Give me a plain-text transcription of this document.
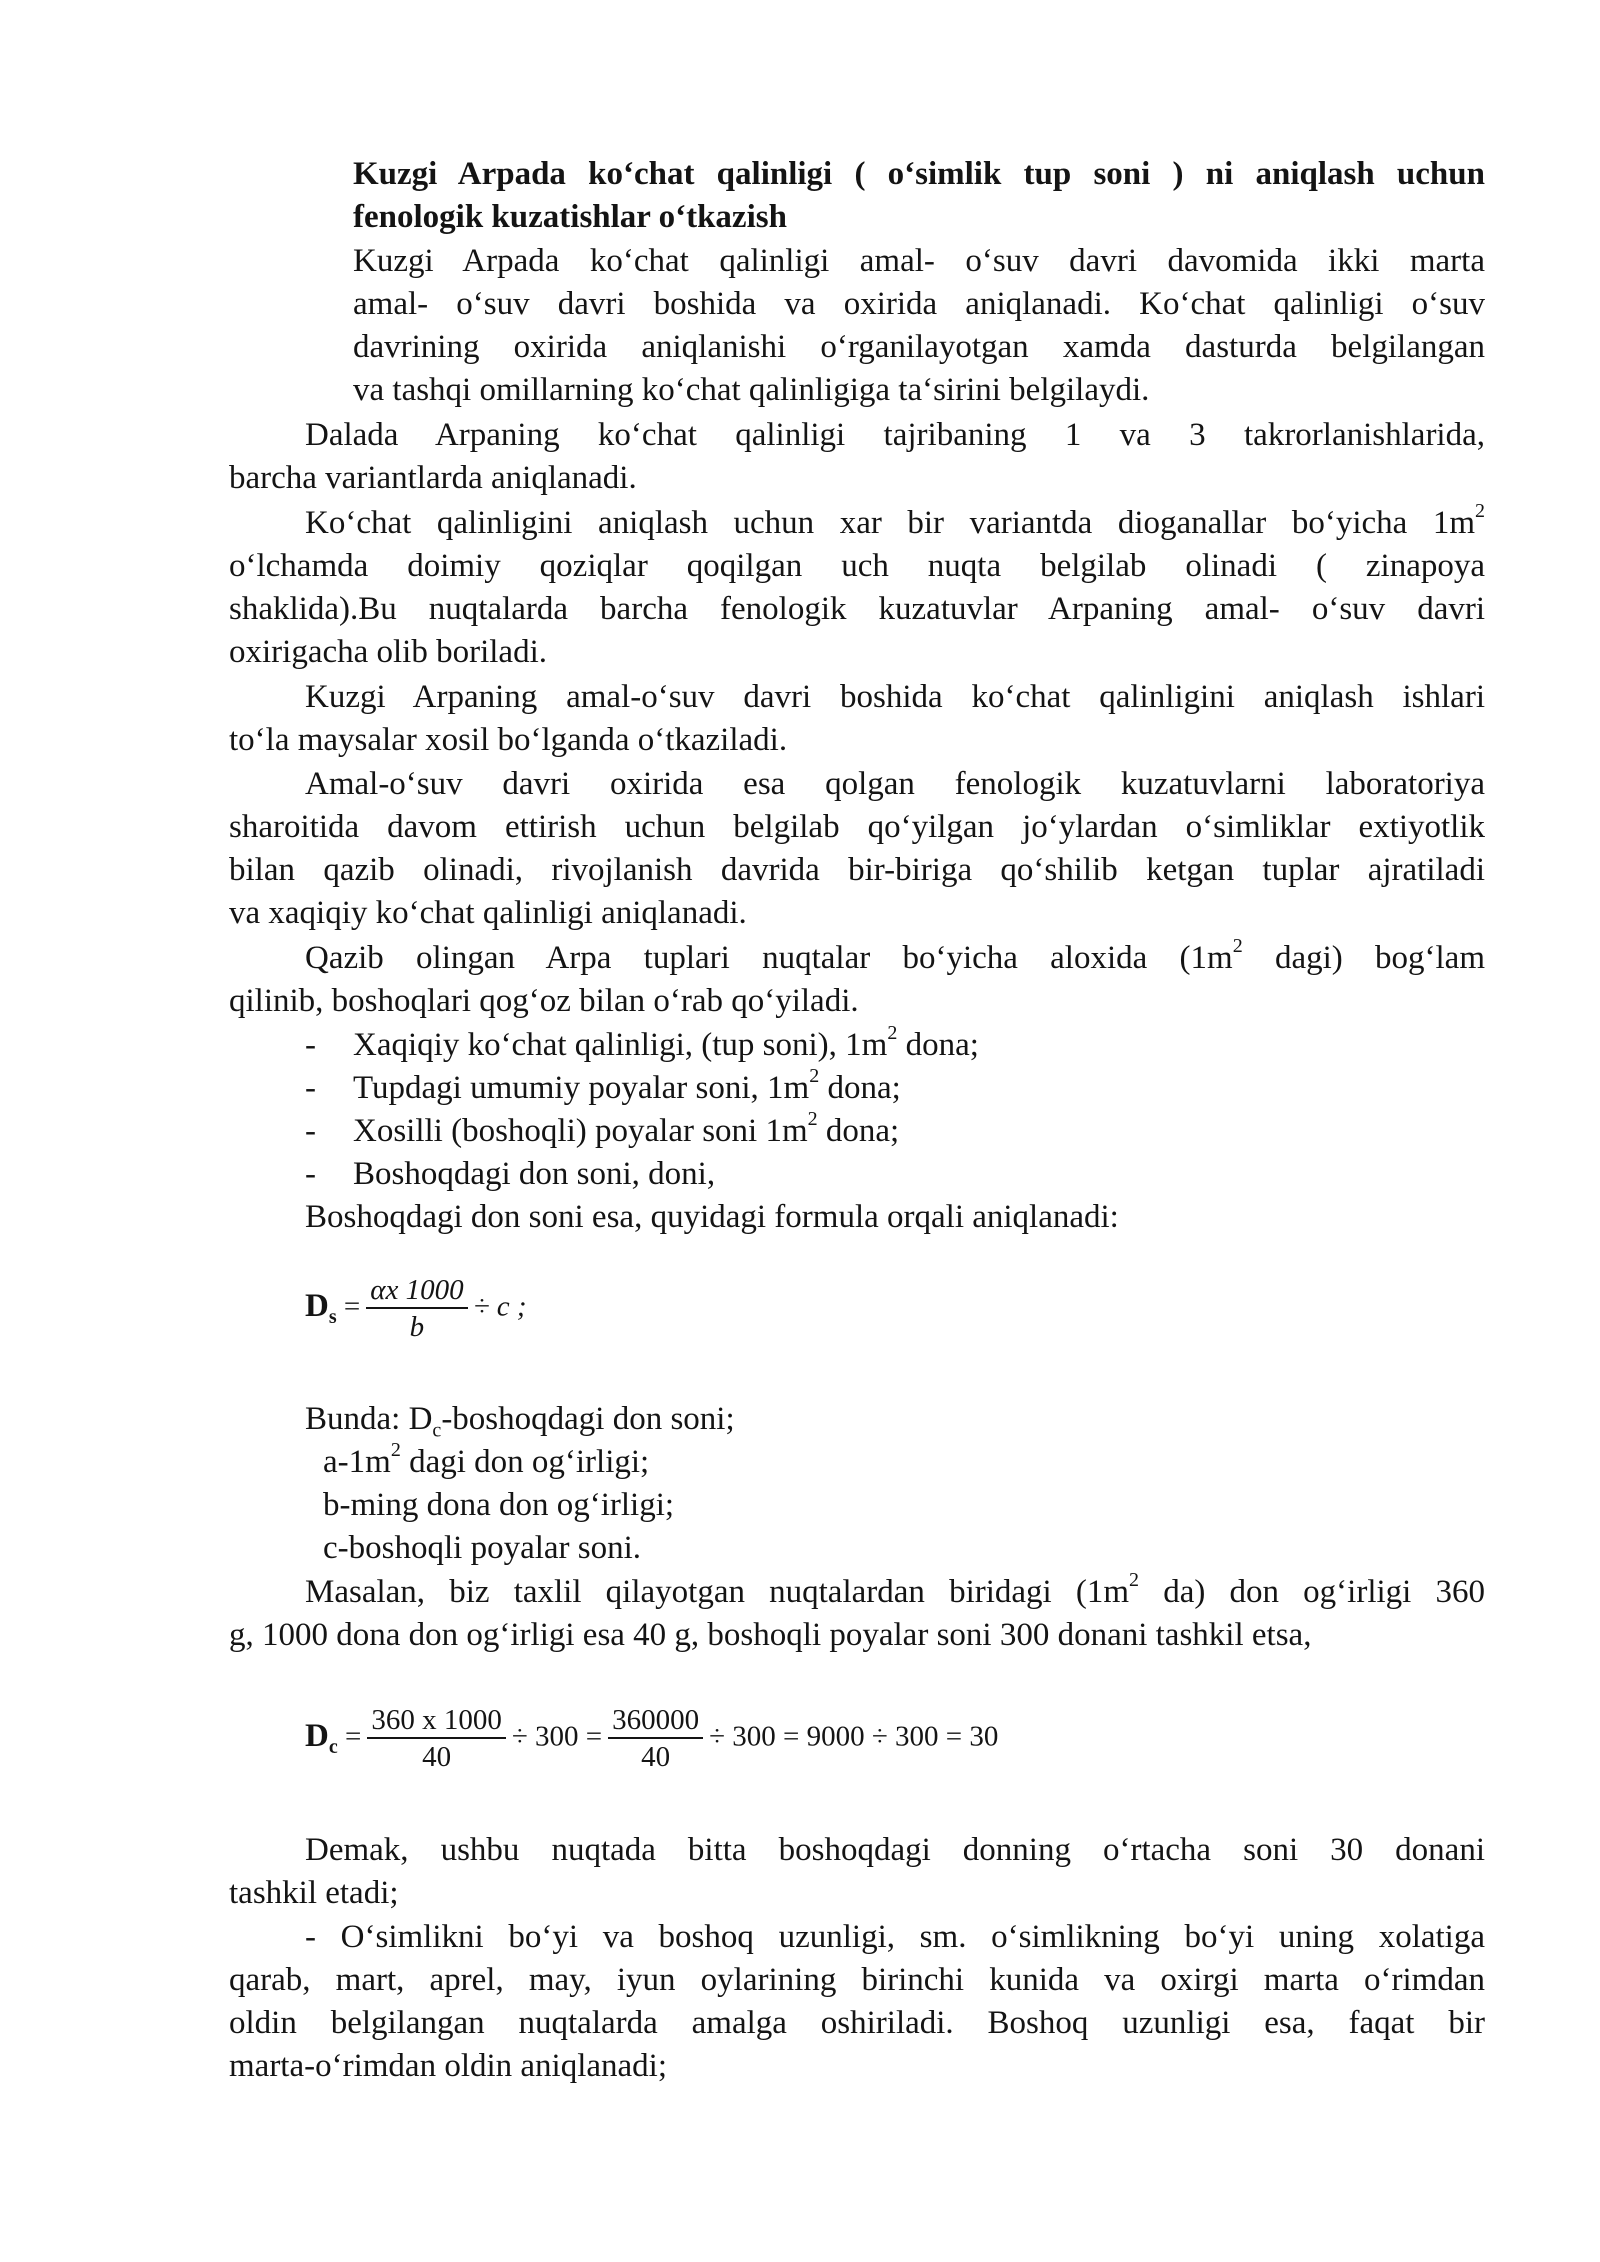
Kuzgi Arpada ko‘chat qalinligi ( o‘simlik tup soni ) ni aniqlash uchun
fenologik kuzatishlar o‘tkazish
Kuzgi Arpada ko‘chat qalinligi amal- o‘suv davri davomida ikki marta
amal- o‘suv davri boshida va oxirida aniqlanadi. Ko‘chat qalinligi o‘suv
davrining oxirida aniqlanishi o‘rganilayotgan xamda dasturda belgilangan
va tashqi omillarning ko‘chat qalinligiga ta‘sirini belgilaydi.
Dalada Arpaning ko‘chat qalinligi tajribaning 1 va 3 takrorlanishlarida,
barcha variantlarda aniqlanadi.
Ko‘chat qalinligini aniqlash uchun xar bir variantda dioganallar bo‘yicha $1m^2$
o‘lchamda doimiy qoziqlar qoqilgan uch nuqta belgilab olinadi ( zinapoya
shaklida).Bu nuqtalarda barcha fenologik kuzatuvlar Arpaning amal- o‘suv davri
oxirigacha olib boriladi.
Kuzgi Arpaning amal-o‘suv davri boshida ko‘chat qalinligini aniqlash ishlari
to‘la maysalar xosil bo‘lganda o‘tkaziladi.
Amal-o‘suv davri oxirida esa qolgan fenologik kuzatuvlarni laboratoriya
sharoitida davom ettirish uchun belgilab qo‘yilgan jo‘ylardan o‘simliklar extiyotlik
bilan qazib olinadi, rivojlanish davrida bir-biriga qo‘shilib ketgan tuplar ajratiladi
va xaqiqiy ko‘chat qalinligi aniqlanadi.
Qazib olingan Arpa tuplari nuqtalar bo‘yicha aloxida ($1m^2$ dagi) bog‘lam
qilinib, boshoqlari qog‘oz bilan o‘rab qo‘yiladi.
- Xaqiqiy ko‘chat qalinligi, (tup soni), $1m^2$ dona;
- Tupdagi umumiy poyalar soni, $1m^2$ dona;
- Xosilli (boshoqli) poyalar soni $1m^2$ dona;
- Boshoqdagi don soni, doni,
Boshoqdagi don soni esa, quyidagi formula orqali aniqlanadi:
$D_s = \frac{\alpha x 1000}{b} \div c$ ;
Bunda: $D_c$-boshoqdagi don soni;
$a-1m^2$ dagi don og‘irligi;
b-ming dona don og‘irligi;
c-boshoqli poyalar soni.
Masalan, biz taxlil qilayotgan nuqtalardan biridagi ($1m^2$ da) don og‘irligi 360
g, 1000 dona don og‘irligi esa 40 g, boshoqli poyalar soni 300 donani tashkil etsa,
$D_c = \frac{360 x 1000}{40} \div 300 = \frac{360000}{40} \div 300 = 9000 \div 300 = 30$
Demak, ushbu nuqtada bitta boshoqdagi donning o‘rtacha soni 30 donani
tashkil etadi;
- O‘simlikni bo‘yi va boshoq uzunligi, sm. o‘simlikning bo‘yi uning xolatiga
qarab, mart, aprel, may, iyun oylarining birinchi kunida va oxirgi marta o‘rimdan
oldin belgilangan nuqtalarda amalga oshiriladi. Boshoq uzunligi esa, faqat bir
marta-o‘rimdan oldin aniqlanadi;
